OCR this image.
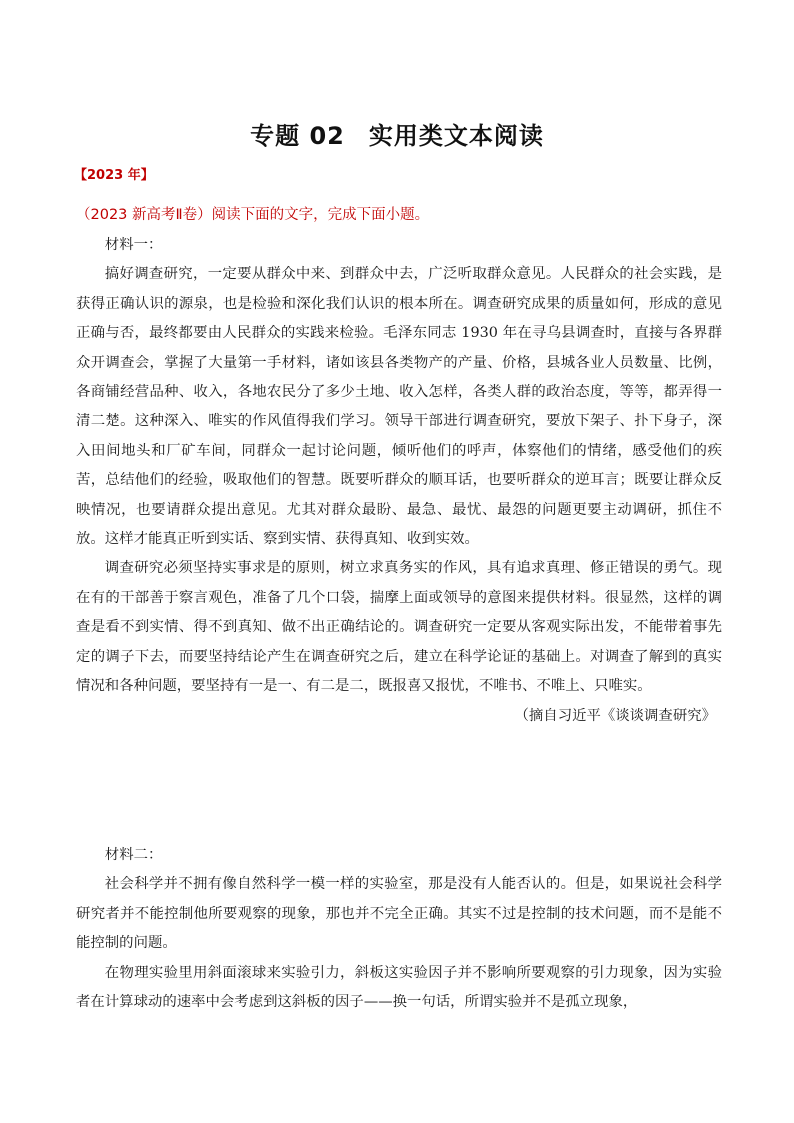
专题 02 实用类文本阅读
【2023 年】
（2023 新高考Ⅱ卷）阅读下面的文字，完成下面小题。

材料一：

搞好调查研究，一定要从群众中来、到群众中去，广泛听取群众意见。人民群众的社会实践，是获得正确认识的源泉，也是检验和深化我们认识的根本所在。调查研究成果的质量如何，形成的意见正确与否，最终都要由人民群众的实践来检验。毛泽东同志 1930 年在寻乌县调查时，直接与各界群众开调查会，掌握了大量第一手材料，诸如该县各类物产的产量、价格，县城各业人员数量、比例，各商铺经营品种、收入，各地农民分了多少土地、收入怎样，各类人群的政治态度，等等，都弄得一清二楚。这种深入、唯实的作风值得我们学习。领导干部进行调查研究，要放下架子、扑下身子，深入田间地头和厂矿车间，同群众一起讨论问题，倾听他们的呼声，体察他们的情绪，感受他们的疾苦，总结他们的经验，吸取他们的智慧。既要听群众的顺耳话，也要听群众的逆耳言；既要让群众反映情况，也要请群众提出意见。尤其对群众最盼、最急、最忧、最怨的问题更要主动调研，抓住不放。这样才能真正听到实话、察到实情、获得真知、收到实效。

调查研究必须坚持实事求是的原则，树立求真务实的作风，具有追求真理、修正错误的勇气。现在有的干部善于察言观色，准备了几个口袋，揣摩上面或领导的意图来提供材料。很显然，这样的调查是看不到实情、得不到真知、做不出正确结论的。调查研究一定要从客观实际出发，不能带着事先定的调子下去，而要坚持结论产生在调查研究之后，建立在科学论证的基础上。对调查了解到的真实情况和各种问题，要坚持有一是一、有二是二，既报喜又报忧，不唯书、不唯上、只唯实。

（摘自习近平《谈谈调查研究》

材料二：

社会科学并不拥有像自然科学一模一样的实验室，那是没有人能否认的。但是，如果说社会科学研究者并不能控制他所要观察的现象，那也并不完全正确。其实不过是控制的技术问题，而不是能不能控制的问题。

在物理实验里用斜面滚球来实验引力，斜板这实验因子并不影响所要观察的引力现象，因为实验者在计算球动的速率中会考虑到这斜板的因子——换一句话，所谓实验并不是孤立现象，
